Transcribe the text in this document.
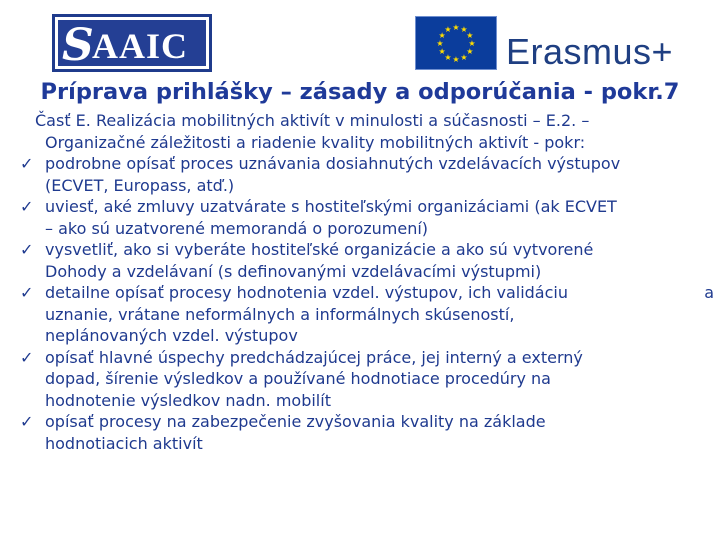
S
AAIC	★ ★
★
★
★
★
★
★
★
★
★
★
Erasmus+
Príprava prihlášky – zásady a odporúčania - pokr.7
Časť E. Realizácia mobilitných aktivít v minulosti a súčasnosti – E.2. –
Organizačné záležitosti a riadenie kvality mobilitných aktivít - pokr:
✓ podrobne opísať proces uznávania dosiahnutých vzdelávacích výstupov
(ECVET, Europass, atď.)
✓ uviesť, aké zmluvy uzatvárate s hostiteľskými organizáciami (ak ECVET
– ako sú uzatvorené memorandá o porozumení)
✓ vysvetliť, ako si vyberáte hostiteľské organizácie a ako sú vytvorené
Dohody a vzdelávaní (s definovanými vzdelávacími výstupmi)
✓ detailne opísať procesy hodnotenia vzdel. výstupov, ich validáciu	a
uznanie, vrátane neformálnych a informálnych skúseností,
neplánovaných vzdel. výstupov
✓ opísať hlavné úspechy predchádzajúcej práce, jej interný a externý
dopad, šírenie výsledkov a používané hodnotiace procedúry na
hodnotenie výsledkov nadn. mobilít
✓ opísať procesy na zabezpečenie zvyšovania kvality na základe
hodnotiacich aktivít
